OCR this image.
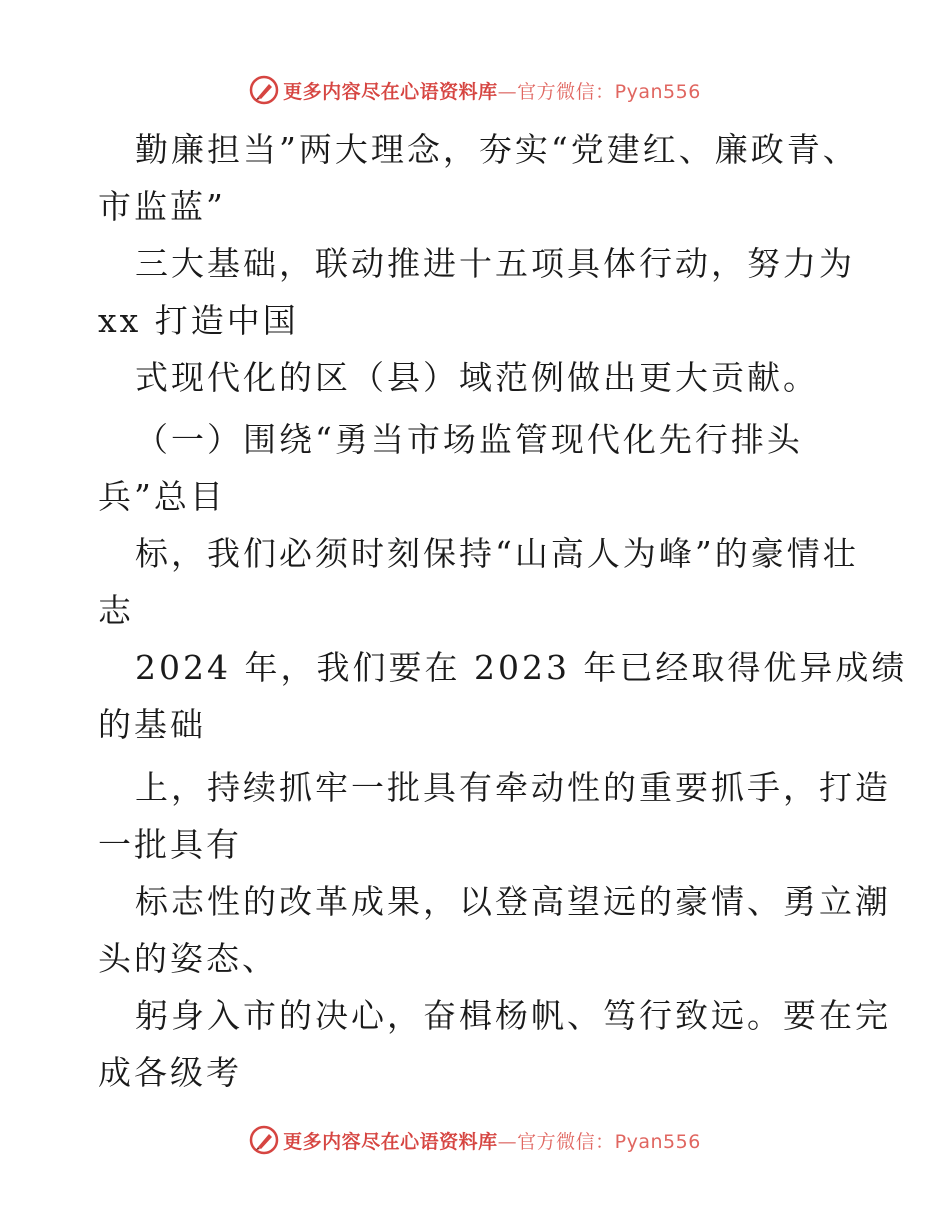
更多内容尽在心语资料库—官方微信：Pyan556
勤廉担当”两大理念，夯实“党建红、廉政青、
市监蓝”
三大基础，联动推进十五项具体行动，努力为
xx 打造中国
式现代化的区（县）域范例做出更大贡献。
（一）围绕“勇当市场监管现代化先行排头
兵”总目
标，我们必须时刻保持“山高人为峰”的豪情壮
志
2024 年，我们要在 2023 年已经取得优异成绩
的基础
上，持续抓牢一批具有牵动性的重要抓手，打造
一批具有
标志性的改革成果，以登高望远的豪情、勇立潮
头的姿态、
躬身入市的决心，奋楫杨帆、笃行致远。要在完
成各级考
更多内容尽在心语资料库—官方微信：Pyan556
